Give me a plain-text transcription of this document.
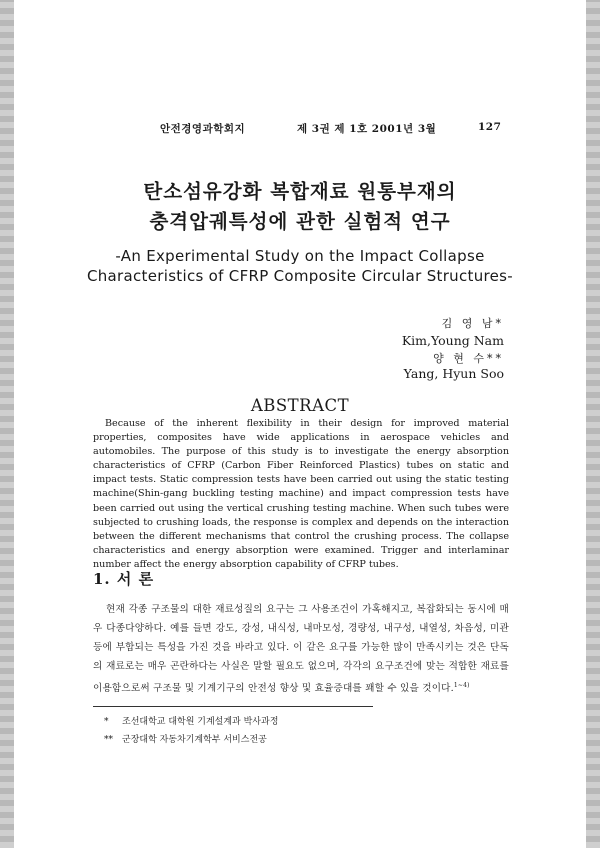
안전경영과학회지	제 3권 제 1호 2001년 3월	127
탄소섬유강화 복합재료 원통부재의
충격압궤특성에 관한 실험적 연구
-An Experimental Study on the Impact Collapse
Characteristics of CFRP Composite Circular Structures-
김 영 남*
Kim,Young Nam
양 현 수**
Yang, Hyun Soo
ABSTRACT
Because of the inherent flexibility in their design for improved material properties, composites have wide applications in aerospace vehicles and automobiles. The purpose of this study is to investigate the energy absorption characteristics of CFRP (Carbon Fiber Reinforced Plastics) tubes on static and impact tests. Static compression tests have been carried out using the static testing machine(Shin-gang buckling testing machine) and impact compression tests have been carried out using the vertical crushing testing machine. When such tubes were subjected to crushing loads, the response is complex and depends on the interaction between the different mechanisms that control the crushing process. The collapse characteristics and energy absorption were examined. Trigger and interlaminar number affect the energy absorption capability of CFRP tubes.
1. 서 론
현재 각종 구조물의 대한 재료성질의 요구는 그 사용조건이 가혹해지고, 복잡화되는 동시에 매우 다종다양하다. 예를 들면 강도, 강성, 내식성, 내마모성, 경량성, 내구성, 내열성, 차음성, 미관등에 부합되는 특성을 가진 것을 바라고 있다. 이 같은 요구를 가능한 많이 만족시키는 것은 단독의 재료로는 매우 곤란하다는 사실은 말할 필요도 없으며, 각각의 요구조건에 맞는 적합한 재료를 이용함으로써 구조물 및 기계기구의 안전성 향상 및 효율증대를 꽤할 수 있을 것이다.$^{1\sim 4)}$
* 조선대학교 대학원 기계설계과 박사과정
** 군장대학 자동차기계학부 서비스전공
